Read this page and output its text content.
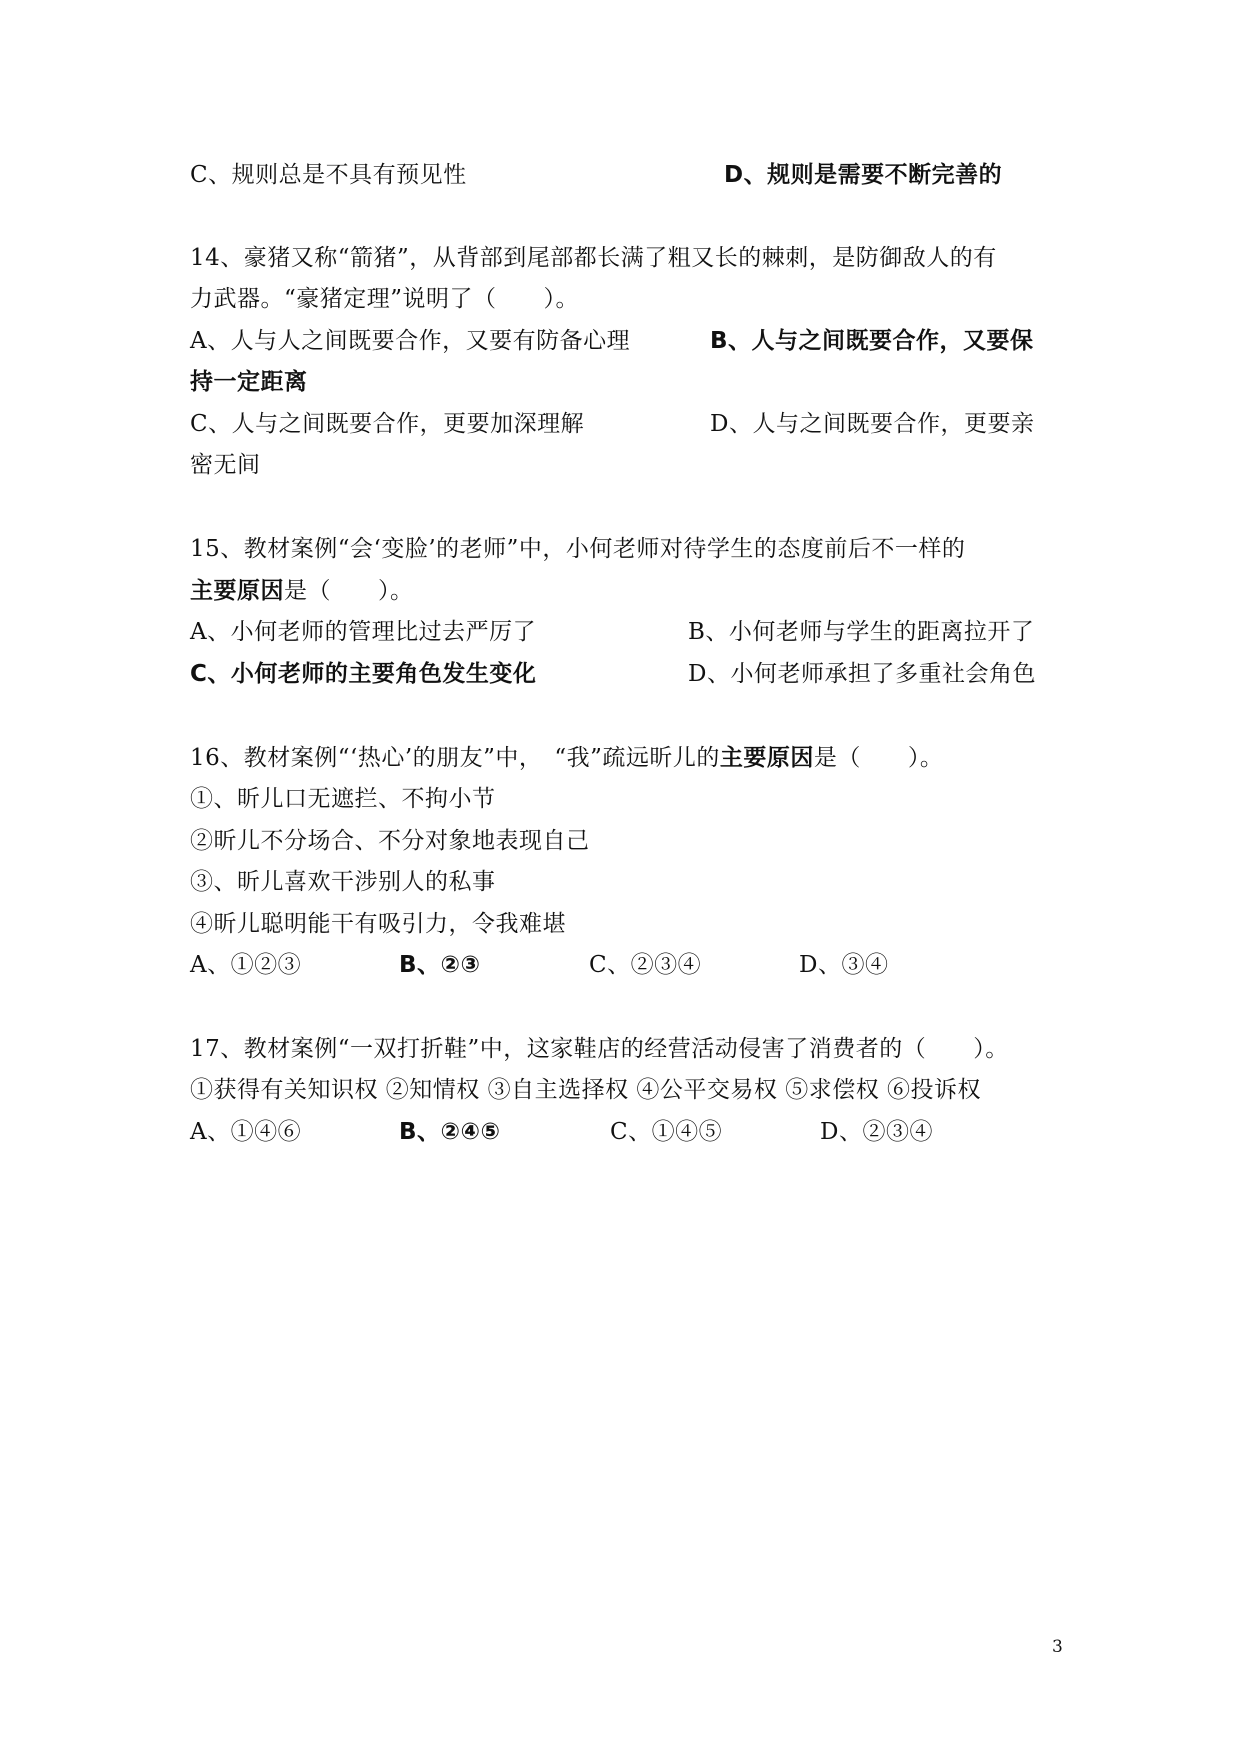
C、规则总是不具有预见性	D、规则是需要不断完善的
14、豪猪又称“箭猪”，从背部到尾部都长满了粗又长的棘刺，是防御敌人的有
力武器。“豪猪定理”说明了（　　）。
A、人与人之间既要合作，又要有防备心理	B、人与之间既要合作，又要保
持一定距离
C、人与之间既要合作，更要加深理解	D、人与之间既要合作，更要亲
密无间
15、教材案例“会‘变脸’的老师”中，小何老师对待学生的态度前后不一样的
主要原因是（　　）。
A、小何老师的管理比过去严厉了	B、小何老师与学生的距离拉开了
C、小何老师的主要角色发生变化	D、小何老师承担了多重社会角色
16、教材案例“‘热心’的朋友”中，　“我”疏远昕儿的主要原因是（　　）。
①、昕儿口无遮拦、不拘小节
②昕儿不分场合、不分对象地表现自己
③、昕儿喜欢干涉别人的私事
④昕儿聪明能干有吸引力，令我难堪
A、①②③	B、②③	C、②③④	D、③④
17、教材案例“一双打折鞋”中，这家鞋店的经营活动侵害了消费者的（　　）。
①获得有关知识权 ②知情权 ③自主选择权 ④公平交易权 ⑤求偿权 ⑥投诉权
A、①④⑥	B、②④⑤	C、①④⑤	D、②③④
3
